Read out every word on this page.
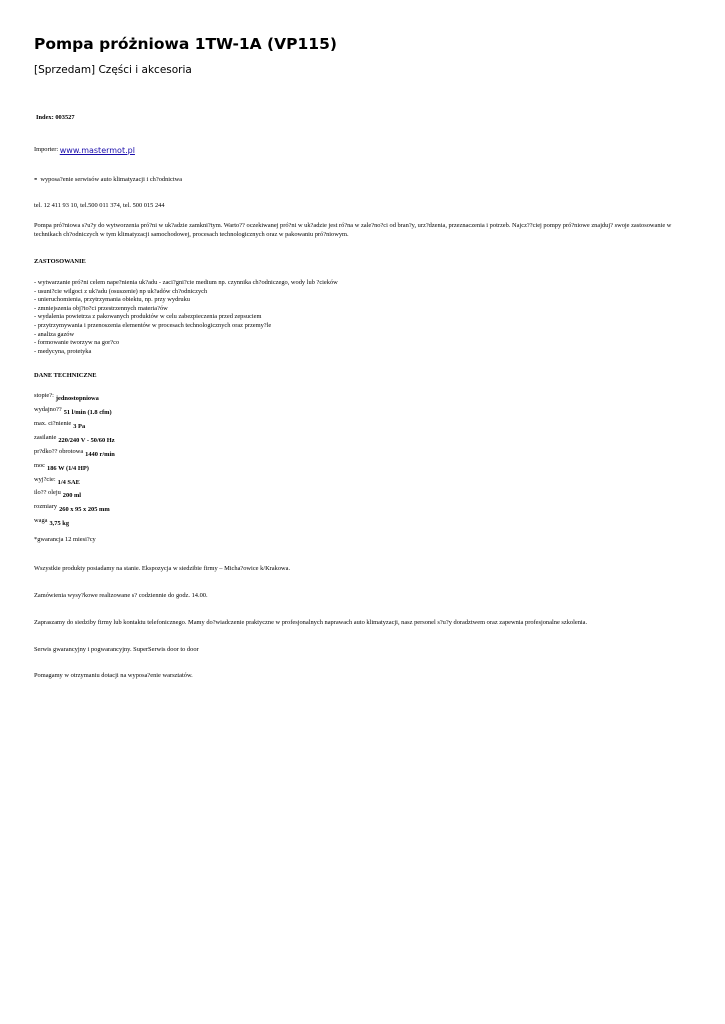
Pompa próżniowa 1TW-1A (VP115)
[Sprzedam] Części i akcesoria
Index: 003527
Importer: www.mastermot.pl
- wyposa?enie serwisów auto klimatyzacji i ch?odnictwa
tel. 12 411 93 10, tel.500 011 374, tel. 500 015 244
Pompa pró?niowa s?u?y do wytworzenia pró?ni w uk?adzie zamkni?tym. Warto?? oczekiwanej pró?ni w uk?adzie jest ró?na w zale?no?ci od bran?y, urz?dzenia, przeznaczenia i potrzeb. Najcz??ciej pompy pró?niowe znajduj? swoje zastosowanie w technikach ch?odniczych w tym klimatyzacji samochodowej, procesach technologicznych oraz w pakowaniu pró?niowym.
ZASTOSOWANIE
- wytwarzanie pró?ni celem nape?nienia uk?adu - zaci?gni?cie medium np. czynnika ch?odniczego, wody lub ?cieków
- usuni?cie wilgoci z uk?adu (osuszenie) np uk?adów ch?odniczych
- unieruchomienia, przytrzymania obiektu, np. przy wydruku
- zmniejszenia obj?to?ci przestrzennych materia?ów
- wydalenia powietrza z pakowanych produktów w celu zabezpieczenia przed zepsuciem
- przytrzymywania i przenoszenia elementów w procesach technologicznych oraz przemy?le
- analiza gazów
- formowanie tworzyw na gor?co
- medycyna, protetyka
DANE TECHNICZNE
stopie?: jednostopniowa
wydajno?? 51 l/min (1.8 cfm)
max. ci?nienie 3 Pa
zasilanie 220/240 V - 50/60 Hz
pr?dko?? obrotowa 1440 r/min
moc 186 W (1/4 HP)
wyj?cie: 1/4 SAE
ilo?? oleju 200 ml
rozmiary 260 x 95 x 205 mm
waga 3,75 kg
*gwarancja 12 miesi?cy
Wszystkie produkty posiadamy na stanie. Ekspozycja w siedzibie firmy – Micha?owice k/Krakowa.
Zamówienia wysy?kowe realizowane s? codziennie do godz. 14.00.
Zapraszamy do siedziby firmy lub kontaktu telefonicznego. Mamy do?wiadczenie praktyczne w profesjonalnych naprawach auto klimatyzacji, nasz personel s?u?y doradztwem oraz zapewnia profesjonalne szkolenia.
Serwis gwarancyjny i pogwarancyjny. SuperSerwis door to door
Pomagamy w otrzymaniu dotacji na wyposa?enie warsztatów.
